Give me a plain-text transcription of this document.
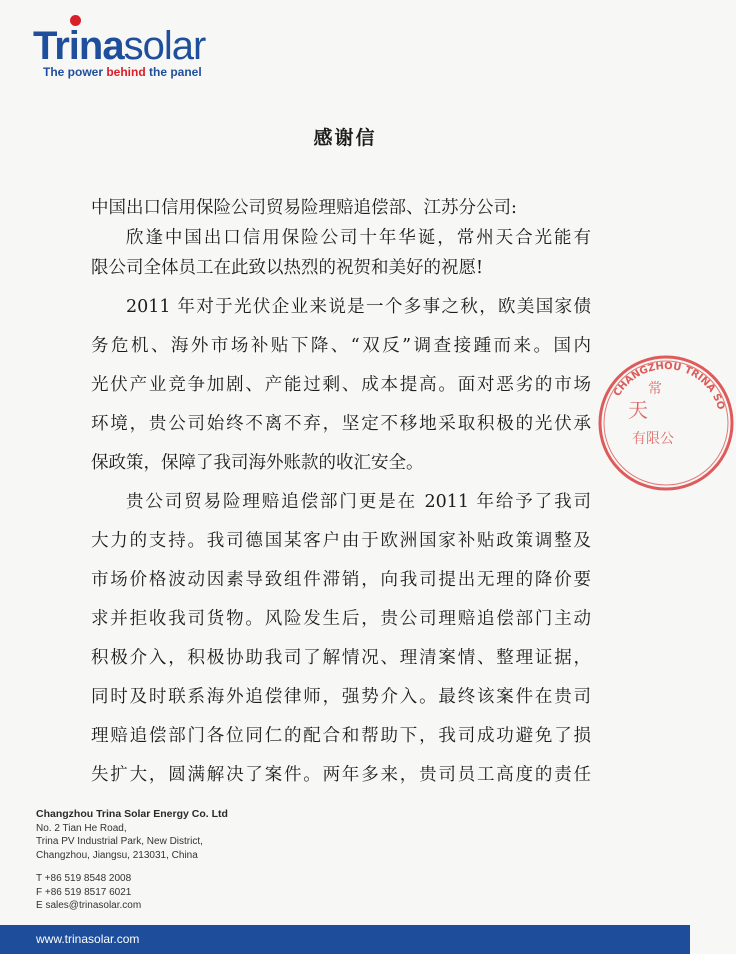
Trinasolar
The power behind the panel
感谢信
中国出口信用保险公司贸易险理赔追偿部、江苏分公司:
欣逢中国出口信用保险公司十年华诞，常州天合光能有
限公司全体员工在此致以热烈的祝贺和美好的祝愿!
2011 年对于光伏企业来说是一个多事之秋，欧美国家债
务危机、海外市场补贴下降、“双反”调查接踵而来。国内
光伏产业竞争加剧、产能过剩、成本提高。面对恶劣的市场
环境，贵公司始终不离不弃，坚定不移地采取积极的光伏承
保政策，保障了我司海外账款的收汇安全。
贵公司贸易险理赔追偿部门更是在 2011 年给予了我司
大力的支持。我司德国某客户由于欧洲国家补贴政策调整及
市场价格波动因素导致组件滞销，向我司提出无理的降价要
求并拒收我司货物。风险发生后，贵公司理赔追偿部门主动
积极介入，积极协助我司了解情况、理清案情、整理证据，
同时及时联系海外追偿律师，强势介入。最终该案件在贵司
理赔追偿部门各位同仁的配合和帮助下，我司成功避免了损
失扩大，圆满解决了案件。两年多来，贵司员工高度的责任
CHANGZHOU TRINA SO
天
常
有限公
Changzhou Trina Solar Energy Co. Ltd
No. 2 Tian He Road,
Trina PV Industrial Park, New District,
Changzhou, Jiangsu, 213031, China
T +86 519 8548 2008
F +86 519 8517 6021
E sales@trinasolar.com
www.trinasolar.com
